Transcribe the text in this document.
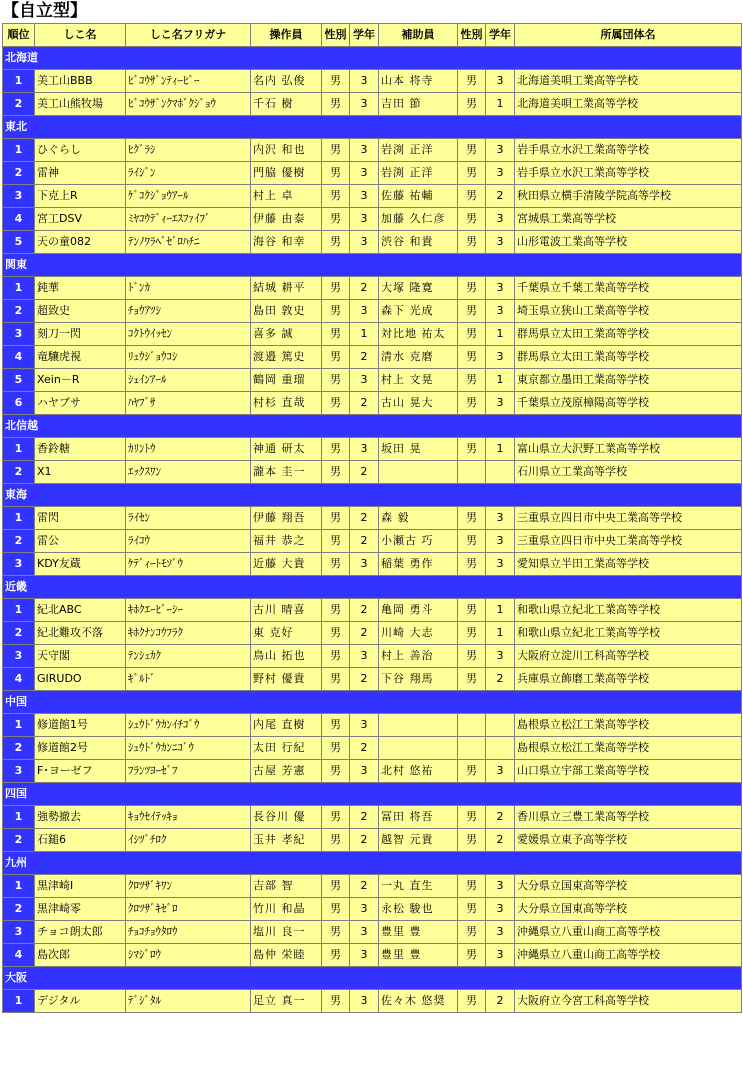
【自立型】
順位	しこ名	しこ名フリガナ	操作員	性別	学年	補助員	性別	学年	所属団体名
北海道									
1	美工山BBB	ﾋﾞｺｳｻﾞﾝﾃｨｰﾋﾞｰ	名内 弘俊	男	3	山本 将寺	男	3	北海道美唄工業高等学校
2	美工山熊牧場	ﾋﾞｺｳｻﾞﾝｸﾏﾎﾞｸｼﾞｮｳ	千石 樹	男	3	吉田 節	男	1	北海道美唄工業高等学校
東北									
1	ひぐらし	ﾋｸﾞﾗｼ	内沢 和也	男	3	岩渕 正洋	男	3	岩手県立水沢工業高等学校
2	雷神	ﾗｲｼﾞﾝ	門脇 優樹	男	3	岩渕 正洋	男	3	岩手県立水沢工業高等学校
3	下克上R	ｹﾞｺｸｼﾞｮｳｱｰﾙ	村上 卓	男	3	佐藤 祐輔	男	2	秋田県立横手清陵学院高等学校
4	宮工DSV	ﾐﾔｺｳﾃﾞｨｰｴｽﾌｧｲﾌﾞ	伊藤 由泰	男	3	加藤 久仁彦	男	3	宮城県工業高等学校
5	天の童082	ﾃﾝﾉﾜﾗﾍﾞｾﾞﾛﾊﾁﾆ	海谷 和幸	男	3	渋谷 和貴	男	3	山形電波工業高等学校
関東									
1	鈍華	ﾄﾞﾝｶ	結城 耕平	男	2	大塚 隆寛	男	3	千葉県立千葉工業高等学校
2	超致史	ﾁｮｳｱﾂｼ	島田 敦史	男	3	森下 光成	男	3	埼玉県立狭山工業高等学校
3	刻刀一閃	ｺｸﾄｳｲｯｾﾝ	喜多 誠	男	1	対比地 祐太	男	1	群馬県立太田工業高等学校
4	竜驤虎視	ﾘｭｳｼﾞｮｳｺｼ	渡邉 篤史	男	2	清水 克磨	男	3	群馬県立太田工業高等学校
5	Xein－R	ｼｪｲﾝｱｰﾙ	鶴岡 重瑠	男	3	村上 文晃	男	1	東京都立墨田工業高等学校
6	ハヤブサ	ﾊﾔﾌﾞｻ	村杉 直哉	男	2	古山 晃大	男	3	千葉県立茂原樟陽高等学校
北信越									
1	香鈴糖	ｶﾘﾝﾄｳ	神通 研太	男	3	坂田 晃	男	1	富山県立大沢野工業高等学校
2	X1	ｴｯｸｽﾜﾝ	瀧本 圭一	男	2				石川県立工業高等学校
東海									
1	雷閃	ﾗｲｾﾝ	伊藤 翔吾	男	2	森 毅	男	3	三重県立四日市中央工業高等学校
2	雷公	ﾗｲｺｳ	福井 恭之	男	2	小瀬古 巧	男	3	三重県立四日市中央工業高等学校
3	KDY友蔵	ｹﾃﾞｨｰﾄﾓｿﾞｳ	近藤 大貴	男	3	稲葉 勇作	男	3	愛知県立半田工業高等学校
近畿									
1	紀北ABC	ｷﾎｸｴｰﾋﾞｰｼｰ	古川 晴喜	男	2	亀岡 勇斗	男	1	和歌山県立紀北工業高等学校
2	紀北難攻不落	ｷﾎｸﾅﾝｺｳﾌﾗｸ	東 克好	男	2	川崎 大志	男	1	和歌山県立紀北工業高等学校
3	天守閣	ﾃﾝｼｭｶｸ	鳥山 拓也	男	3	村上 善治	男	3	大阪府立淀川工科高等学校
4	GIRUDO	ｷﾞﾙﾄﾞ	野村 優貴	男	2	下谷 翔馬	男	2	兵庫県立飾磨工業高等学校
中国									
1	修道館1号	ｼｭｳﾄﾞｳｶﾝｲﾁｺﾞｳ	内尾 直樹	男	3				島根県立松江工業高等学校
2	修道館2号	ｼｭｳﾄﾞｳｶﾝﾆｺﾞｳ	太田 行紀	男	2				島根県立松江工業高等学校
3	F･ヨーゼフ	ﾌﾗﾝﾂﾖｰｾﾞﾌ	古屋 芳憲	男	3	北村 悠祐	男	3	山口県立宇部工業高等学校
四国									
1	強勢撤去	ｷｮｳｾｲﾃｯｷｮ	長谷川 優	男	2	冨田 将吾	男	2	香川県立三豊工業高等学校
2	石鎚6	ｲｼﾂﾞﾁﾛｸ	玉井 孝紀	男	2	越智 元貴	男	2	愛媛県立東予高等学校
九州									
1	黒津崎Ⅰ	ｸﾛﾂｻﾞｷﾜﾝ	吉部 智	男	2	一丸 直生	男	3	大分県立国東高等学校
2	黒津崎零	ｸﾛﾂｻﾞｷｾﾞﾛ	竹川 和晶	男	3	永松 駿也	男	3	大分県立国東高等学校
3	チョコ朗太郎	ﾁｮｺﾁｮｳﾀﾛｳ	塩川 良一	男	3	豊里 豊	男	3	沖縄県立八重山商工高等学校
4	島次郎	ｼﾏｼﾞﾛｳ	島仲 栄睦	男	3	豊里 豊	男	3	沖縄県立八重山商工高等学校
大阪									
1	デジタル	ﾃﾞｼﾞﾀﾙ	足立 真一	男	3	佐々木 悠奨	男	2	大阪府立今宮工科高等学校
